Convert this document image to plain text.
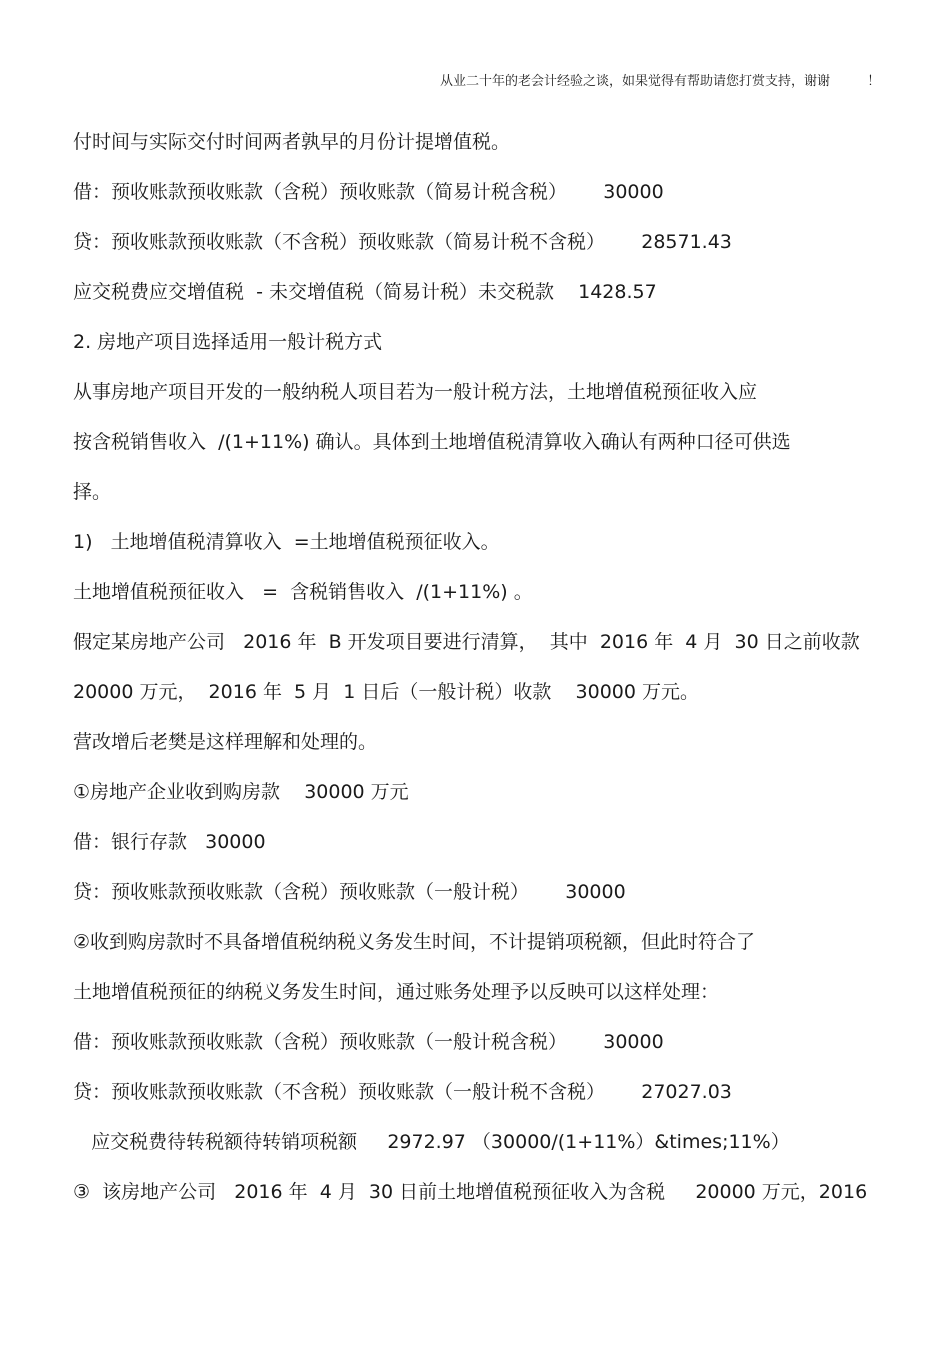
从业二十年的老会计经验之谈，如果觉得有帮助请您打赏支持，谢谢         ！
付时间与实际交付时间两者孰早的月份计提增值税。
借：预收账款预收账款（含税）预收账款（简易计税含税）      30000
贷：预收账款预收账款（不含税）预收账款（简易计税不含税）      28571.43
应交税费应交增值税  - 未交增值税（简易计税）未交税款    1428.57
2. 房地产项目选择适用一般计税方式
从事房地产项目开发的一般纳税人项目若为一般计税方法，土地增值税预征收入应
按含税销售收入  /(1+11%) 确认。具体到土地增值税清算收入确认有两种口径可供选
择。
1)   土地增值税清算收入  =土地增值税预征收入。
土地增值税预征收入   =  含税销售收入  /(1+11%) 。
假定某房地产公司   2016 年  B 开发项目要进行清算，  其中  2016 年  4 月  30 日之前收款
20000 万元，  2016 年  5 月  1 日后（一般计税）收款    30000 万元。
营改增后老樊是这样理解和处理的。
①房地产企业收到购房款    30000 万元
借：银行存款   30000
贷：预收账款预收账款（含税）预收账款（一般计税）      30000
②收到购房款时不具备增值税纳税义务发生时间，不计提销项税额，但此时符合了
土地增值税预征的纳税义务发生时间，通过账务处理予以反映可以这样处理：
借：预收账款预收账款（含税）预收账款（一般计税含税）      30000
贷：预收账款预收账款（不含税）预收账款（一般计税不含税）      27027.03
应交税费待转税额待转销项税额     2972.97 （30000/(1+11%）&times;11%）
③  该房地产公司   2016 年  4 月  30 日前土地增值税预征收入为含税     20000 万元，2016
